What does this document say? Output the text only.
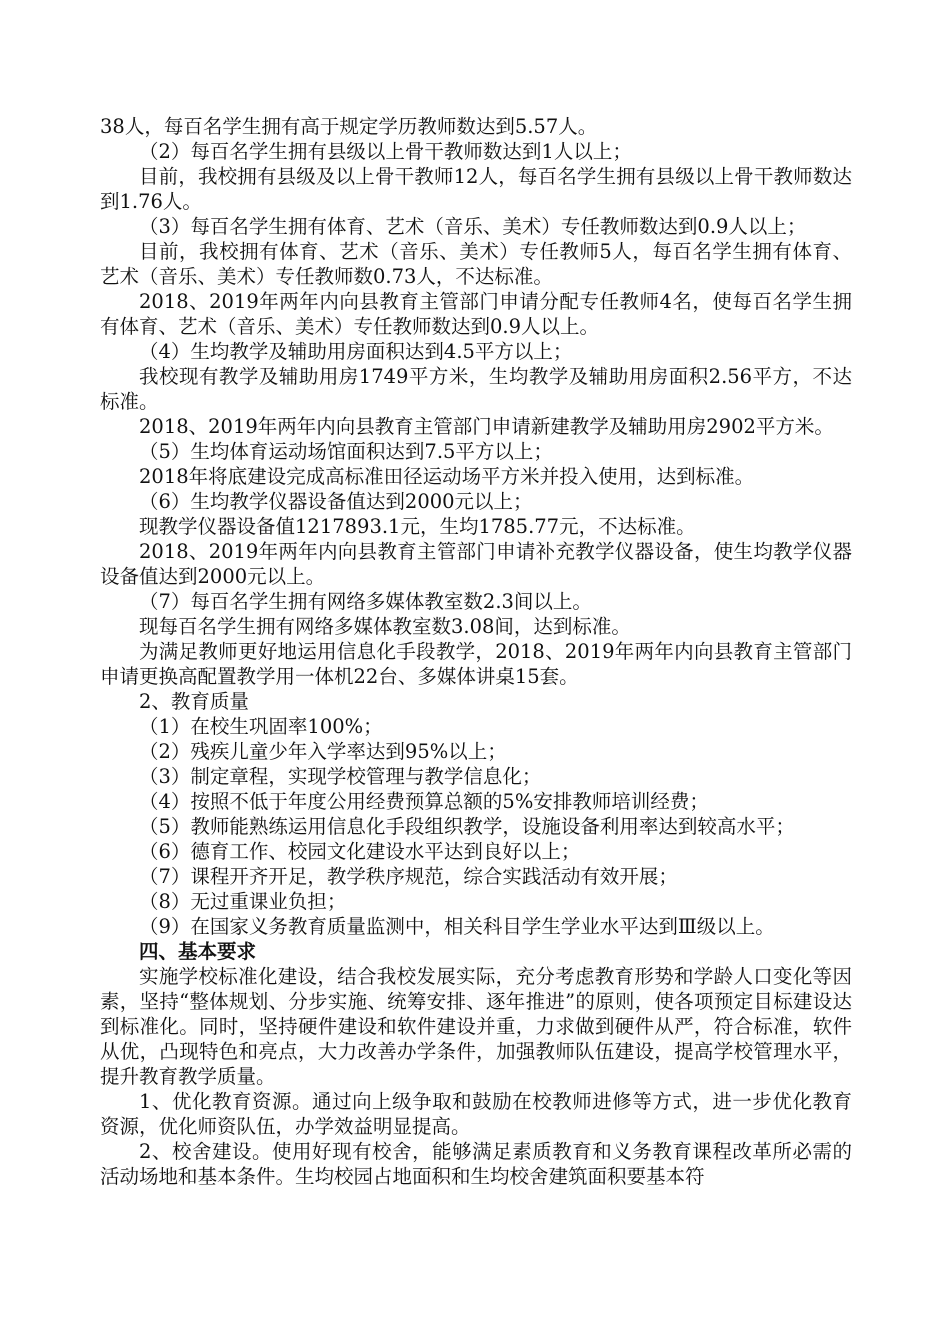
38人，每百名学生拥有高于规定学历教师数达到5.57人。

（2）每百名学生拥有县级以上骨干教师数达到1人以上；

目前，我校拥有县级及以上骨干教师12人，每百名学生拥有县级以上骨干教师数达到1.76人。

（3）每百名学生拥有体育、艺术（音乐、美术）专任教师数达到0.9人以上；

目前，我校拥有体育、艺术（音乐、美术）专任教师5人，每百名学生拥有体育、艺术（音乐、美术）专任教师数0.73人，不达标准。

2018、2019年两年内向县教育主管部门申请分配专任教师4名，使每百名学生拥有体育、艺术（音乐、美术）专任教师数达到0.9人以上。

（4）生均教学及辅助用房面积达到4.5平方以上；

我校现有教学及辅助用房1749平方米，生均教学及辅助用房面积2.56平方，不达标准。

2018、2019年两年内向县教育主管部门申请新建教学及辅助用房2902平方米。

（5）生均体育运动场馆面积达到7.5平方以上；

2018年将底建设完成高标准田径运动场平方米并投入使用，达到标准。

（6）生均教学仪器设备值达到2000元以上；

现教学仪器设备值1217893.1元，生均1785.77元，不达标准。

2018、2019年两年内向县教育主管部门申请补充教学仪器设备，使生均教学仪器设备值达到2000元以上。

（7）每百名学生拥有网络多媒体教室数2.3间以上。

现每百名学生拥有网络多媒体教室数3.08间，达到标准。

为满足教师更好地运用信息化手段教学，2018、2019年两年内向县教育主管部门申请更换高配置教学用一体机22台、多媒体讲桌15套。

2、教育质量

（1）在校生巩固率100%；

（2）残疾儿童少年入学率达到95%以上；

（3）制定章程，实现学校管理与教学信息化；

（4）按照不低于年度公用经费预算总额的5%安排教师培训经费；

（5）教师能熟练运用信息化手段组织教学，设施设备利用率达到较高水平；

（6）德育工作、校园文化建设水平达到良好以上；

（7）课程开齐开足，教学秩序规范，综合实践活动有效开展；

（8）无过重课业负担；

（9）在国家义务教育质量监测中，相关科目学生学业水平达到Ⅲ级以上。

四、基本要求

实施学校标准化建设，结合我校发展实际，充分考虑教育形势和学龄人口变化等因素，坚持“整体规划、分步实施、统筹安排、逐年推进”的原则，使各项预定目标建设达到标准化。同时，坚持硬件建设和软件建设并重，力求做到硬件从严，符合标准，软件从优，凸现特色和亮点，大力改善办学条件，加强教师队伍建设，提高学校管理水平，提升教育教学质量。

1、优化教育资源。通过向上级争取和鼓励在校教师进修等方式，进一步优化教育资源，优化师资队伍，办学效益明显提高。

2、校舍建设。使用好现有校舍，能够满足素质教育和义务教育课程改革所必需的活动场地和基本条件。生均校园占地面积和生均校舍建筑面积要基本符
